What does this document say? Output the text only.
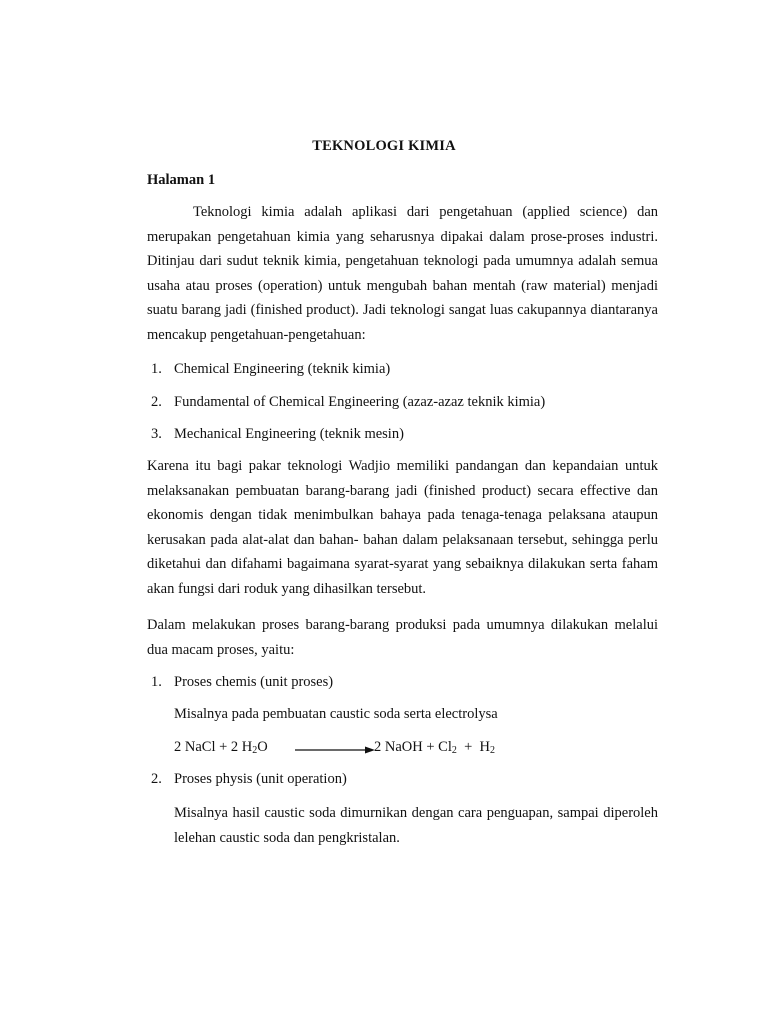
TEKNOLOGI KIMIA
Halaman 1
Teknologi kimia adalah aplikasi dari pengetahuan (applied science) dan merupakan pengetahuan kimia yang seharusnya dipakai dalam prose-proses industri. Ditinjau dari sudut teknik kimia, pengetahuan teknologi pada umumnya adalah semua usaha atau proses (operation) untuk mengubah bahan mentah (raw material) menjadi suatu barang jadi (finished product). Jadi teknologi sangat luas cakupannya diantaranya mencakup pengetahuan-pengetahuan:
1. Chemical Engineering (teknik kimia)
2. Fundamental of Chemical Engineering (azaz-azaz teknik kimia)
3. Mechanical Engineering (teknik mesin)
Karena itu bagi pakar teknologi Wadjio memiliki pandangan dan kepandaian untuk melaksanakan pembuatan barang-barang jadi (finished product) secara effective dan ekonomis dengan tidak menimbulkan bahaya pada tenaga-tenaga pelaksana ataupun kerusakan pada alat-alat dan bahan- bahan dalam pelaksanaan tersebut, sehingga perlu diketahui dan difahami bagaimana syarat-syarat yang sebaiknya dilakukan serta faham akan fungsi dari roduk yang dihasilkan tersebut.
Dalam melakukan proses barang-barang produksi pada umumnya dilakukan melalui dua macam proses, yaitu:
1. Proses chemis (unit proses)
Misalnya pada pembuatan caustic soda serta electrolysa
2 NaCl + 2 $H_2O$	2 NaOH + $Cl_2 + H_2$
2. Proses physis (unit operation)
Misalnya hasil caustic soda dimurnikan dengan cara penguapan, sampai diperoleh lelehan caustic soda dan pengkristalan.
